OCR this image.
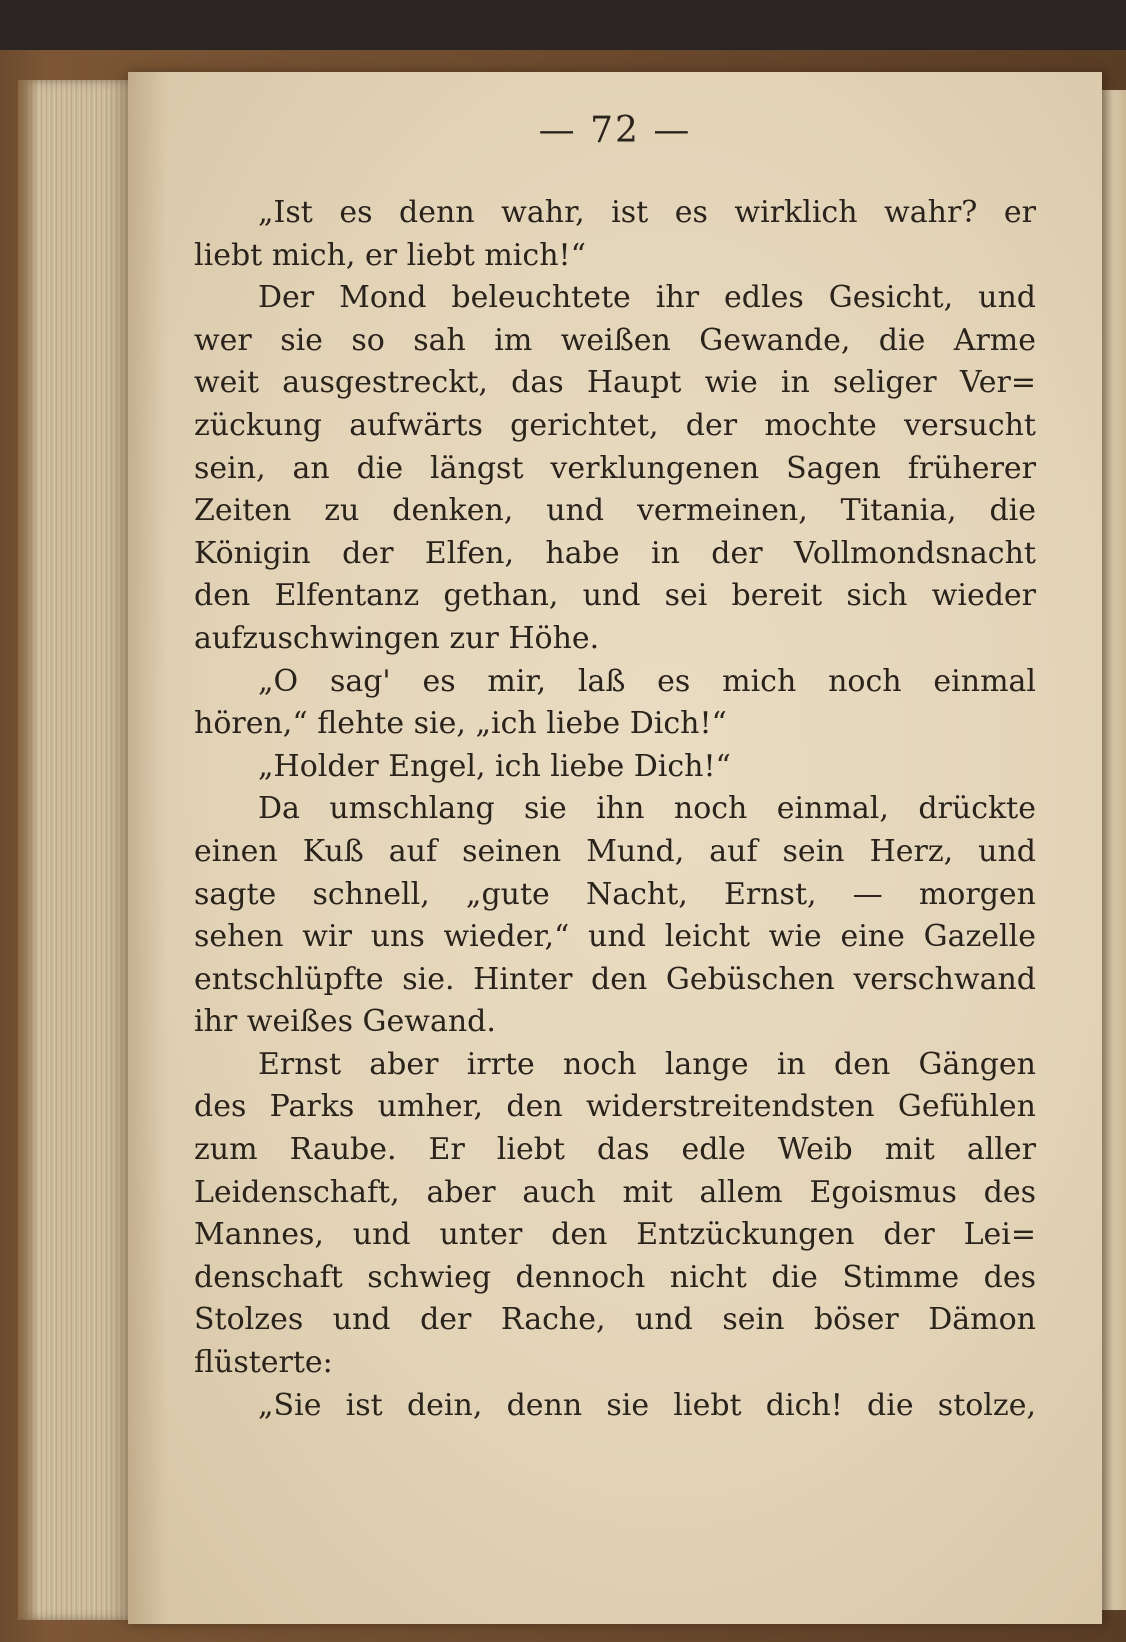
— 72 —
„Ist es denn wahr, ist es wirklich wahr? er
liebt mich, er liebt mich!“
Der Mond beleuchtete ihr edles Gesicht, und
wer sie so sah im weißen Gewande, die Arme
weit ausgestreckt, das Haupt wie in seliger Ver=
zückung aufwärts gerichtet, der mochte versucht
sein, an die längst verklungenen Sagen früherer
Zeiten zu denken, und vermeinen, Titania, die
Königin der Elfen, habe in der Vollmondsnacht
den Elfentanz gethan, und sei bereit sich wieder
aufzuschwingen zur Höhe.
„O sag' es mir, laß es mich noch einmal
hören,“ flehte sie, „ich liebe Dich!“
„Holder Engel, ich liebe Dich!“
Da umschlang sie ihn noch einmal, drückte
einen Kuß auf seinen Mund, auf sein Herz, und
sagte schnell, „gute Nacht, Ernst, — morgen
sehen wir uns wieder,“ und leicht wie eine Gazelle
entschlüpfte sie. Hinter den Gebüschen verschwand
ihr weißes Gewand.
Ernst aber irrte noch lange in den Gängen
des Parks umher, den widerstreitendsten Gefühlen
zum Raube. Er liebt das edle Weib mit aller
Leidenschaft, aber auch mit allem Egoismus des
Mannes, und unter den Entzückungen der Lei=
denschaft schwieg dennoch nicht die Stimme des
Stolzes und der Rache, und sein böser Dämon
flüsterte:
„Sie ist dein, denn sie liebt dich! die stolze,
